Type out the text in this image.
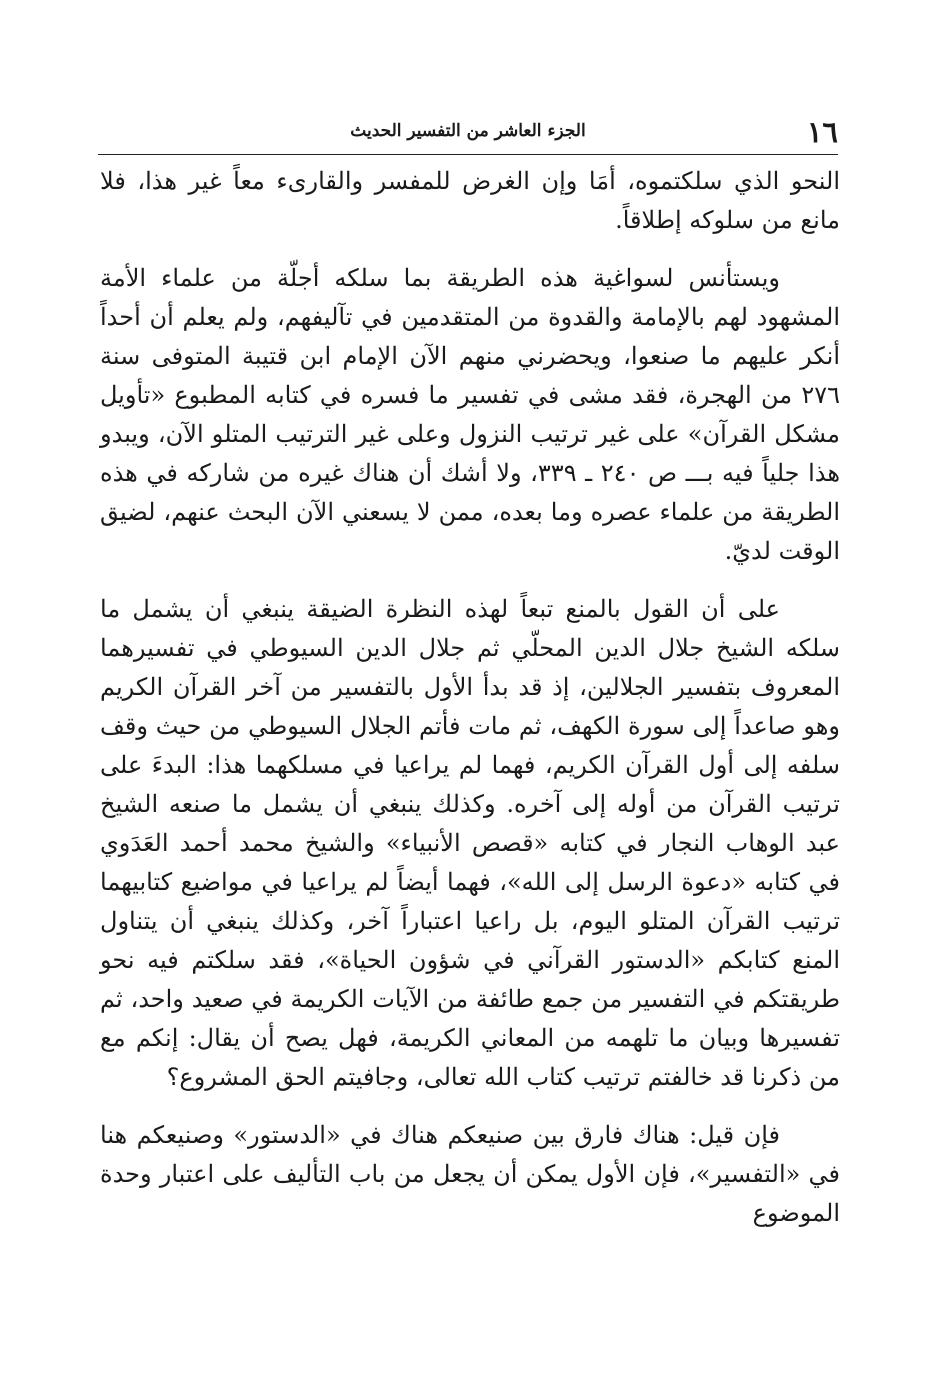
١٦
الجزء العاشر من التفسير الحديث

النحو الذي سلكتموه، أمَا وإن الغرض للمفسر والقارىء معاً غير هذا، فلا مانع من سلوكه إطلاقاً.

ويستأنس لسواغية هذه الطريقة بما سلكه أجلّة من علماء الأمة المشهود لهم بالإمامة والقدوة من المتقدمين في تآليفهم، ولم يعلم أن أحداً أنكر عليهم ما صنعوا، ويحضرني منهم الآن الإمام ابن قتيبة المتوفى سنة ٢٧٦ من الهجرة، فقد مشى في تفسير ما فسره في كتابه المطبوع «تأويل مشكل القرآن» على غير ترتيب النزول وعلى غير الترتيب المتلو الآن، ويبدو هذا جلياً فيه بـــ ص ٢٤٠ ـ ٣٣٩، ولا أشك أن هناك غيره من شاركه في هذه الطريقة من علماء عصره وما بعده، ممن لا يسعني الآن البحث عنهم، لضيق الوقت لديّ.

على أن القول بالمنع تبعاً لهذه النظرة الضيقة ينبغي أن يشمل ما سلكه الشيخ جلال الدين المحلّي ثم جلال الدين السيوطي في تفسيرهما المعروف بتفسير الجلالين، إذ قد بدأ الأول بالتفسير من آخر القرآن الكريم وهو صاعداً إلى سورة الكهف، ثم مات فأتم الجلال السيوطي من حيث وقف سلفه إلى أول القرآن الكريم، فهما لم يراعيا في مسلكهما هذا: البدءَ على ترتيب القرآن من أوله إلى آخره. وكذلك ينبغي أن يشمل ما صنعه الشيخ عبد الوهاب النجار في كتابه «قصص الأنبياء» والشيخ محمد أحمد العَدَوي في كتابه «دعوة الرسل إلى الله»، فهما أيضاً لم يراعيا في مواضيع كتابيهما ترتيب القرآن المتلو اليوم، بل راعيا اعتباراً آخر، وكذلك ينبغي أن يتناول المنع كتابكم «الدستور القرآني في شؤون الحياة»، فقد سلكتم فيه نحو طريقتكم في التفسير من جمع طائفة من الآيات الكريمة في صعيد واحد، ثم تفسيرها وبيان ما تلهمه من المعاني الكريمة، فهل يصح أن يقال: إنكم مع من ذكرنا قد خالفتم ترتيب كتاب الله تعالى، وجافيتم الحق المشروع؟

فإن قيل: هناك فارق بين صنيعكم هناك في «الدستور» وصنيعكم هنا في «التفسير»، فإن الأول يمكن أن يجعل من باب التأليف على اعتبار وحدة الموضوع
